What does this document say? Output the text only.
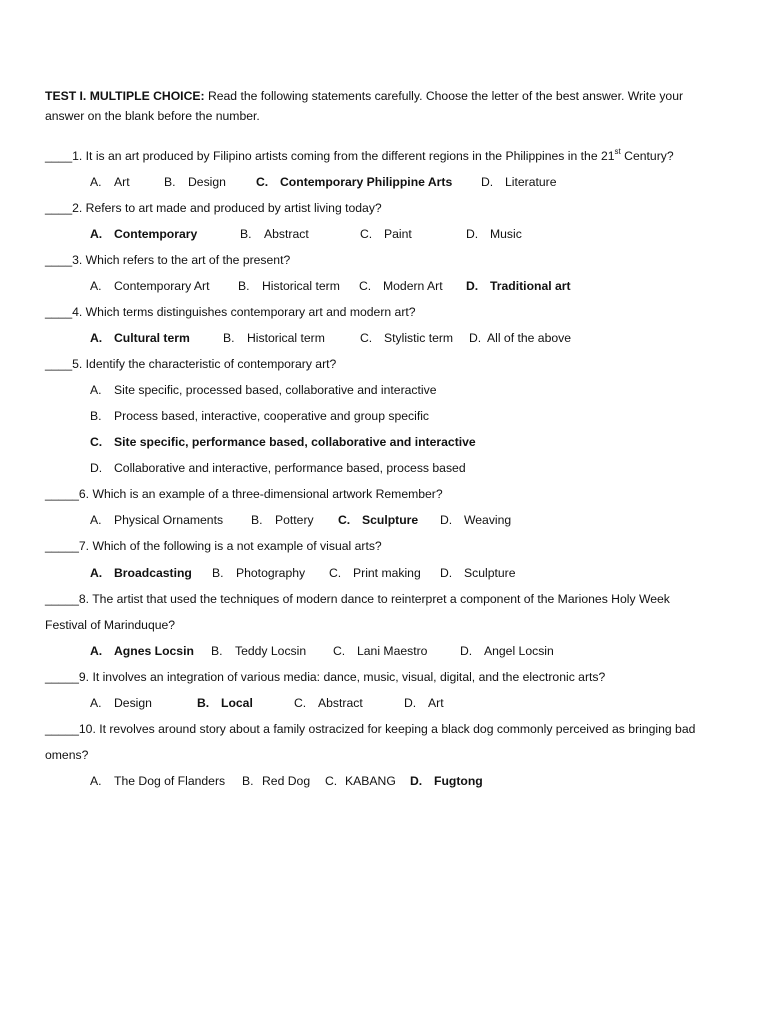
TEST I. MULTIPLE CHOICE: Read the following statements carefully. Choose the letter of the best answer. Write your
answer on the blank before the number.
____1. It is an art produced by Filipino artists coming from the different regions in the Philippines in the 21st Century?
A. Art	B. Design C. Contemporary Philippine Arts D. Literature
____2. Refers to art made and produced by artist living today?
A. Contemporary	B. Abstract	C. Paint	D. Music
____3. Which refers to the art of the present?
A. Contemporary Art B. Historical term C. Modern Art D. Traditional art
____4. Which terms distinguishes contemporary art and modern art?
A. Cultural term	B. Historical term	C. Stylistic term D. All of the above
____5. Identify the characteristic of contemporary art?
A. Site specific, processed based, collaborative and interactive
B. Process based, interactive, cooperative and group specific
C. Site specific, performance based, collaborative and interactive
D. Collaborative and interactive, performance based, process based
_____6. Which is an example of a three-dimensional artwork Remember?
A. Physical Ornaments B. Pottery C. Sculpture D. Weaving
_____7. Which of the following is a not example of visual arts?
A. Broadcasting B. Photography C. Print making D. Sculpture
_____8. The artist that used the techniques of modern dance to reinterpret a component of the Mariones Holy Week
Festival of Marinduque?
A. Agnes Locsin B. Teddy Locsin C. Lani Maestro	D. Angel Locsin
_____9. It involves an integration of various media: dance, music, visual, digital, and the electronic arts?
A. Design	B. Local	C. Abstract	D. Art
_____10. It revolves around story about a family ostracized for keeping a black dog commonly perceived as bringing bad
omens?
A. The Dog of Flanders B. Red Dog C. KABANG D. Fugtong
